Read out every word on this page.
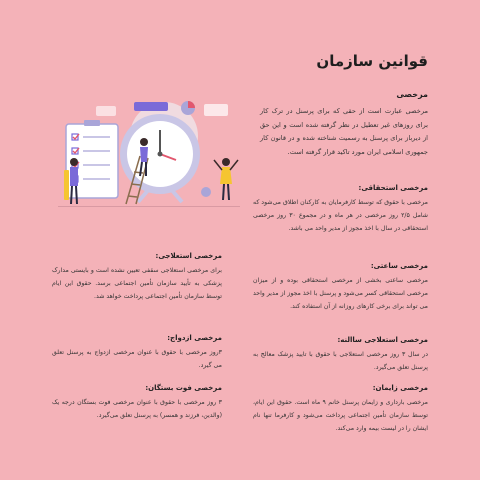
قوانین سازمان
مرخصی

مرخصی عبارت است از حقی که برای پرسنل در ترک کار برای روزهای غیر تعطیل در نظر گرفته شده است و این حق از دیرباز برای پرسنل به رسمیت شناخته شده و در قانون کار جمهوری اسلامی ایران مورد تاکید قرار گرفته است.

مرخصی استحقاقی:

مرخصی با حقوق که توسط کارفرمایان به کارکنان اطلاق می‌شود که شامل ۲/۵ روز مرخصی در هر ماه و در مجموع ۳۰ روز مرخصی استحقاقی در سال با اخذ مجوز از مدیر واحد می باشد.

مرخصی ساعتی:

مرخصی ساعتی بخشی از مرخصی استحقاقی بوده و از میزان مرخصی استحقاقی کسر می‌شود و پرسنل با اخذ مجوز از مدیر واحد می تواند برای برخی کارهای روزانه از آن استفاده کند.

مرخصی استعلاجی ساالنه:

در سال ۳ روز مرخصی استعلاجی با حقوق با تایید پزشک معالج به پرسنل تعلق می‌گیرد.

مرخصی زایمان:

مرخصی بارداری و زایمان پرسنل خانم ۹ ماه است. حقوق این ایام، توسط سازمان تأمین اجتماعی پرداخت می‌شود و کارفرما تنها نام ایشان را در لیست بیمه وارد می‌کند.

مرخصی استعلاجی:

برای مرخصی استعلاجی سقفی تعیین نشده است و بایستی مدارک پزشکی به تأیید سازمان تأمین اجتماعی برسد. حقوق این ایام توسط سازمان تأمین اجتماعی پرداخت خواهد شد.

مرخصی ازدواج:

۳روز مرخصی با حقوق با عنوان مرخصی ازدواج به پرسنل تعلق می گیرد.

مرخصی فوت بستگان:

۳ روز مرخصی با حقوق با عنوان مرخصی فوت بستگان درجه یک (والدین، فرزند و همسر) به پرسنل تعلق می‌گیرد.
